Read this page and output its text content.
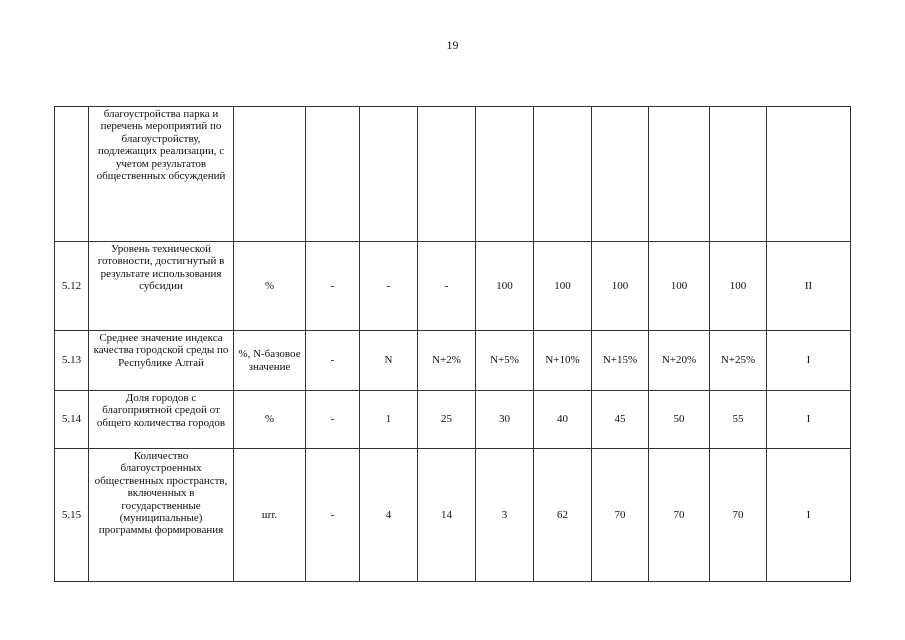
19
	благоустройства парка и перечень мероприятий по благоустройству, подлежащих реализации, с учетом результатов общественных обсуждений										
5.12	Уровень технической готовности, достигнутый в результате использования субсидии	%	-	-	-	100	100	100	100	100	II
5.13	Среднее значение индекса качества городской среды по Республике Алтай	%, N-базовое значение	-	N	N+2%	N+5%	N+10%	N+15%	N+20%	N+25%	I
5.14	Доля городов с благоприятной средой от общего количества городов	%	-	1	25	30	40	45	50	55	I
5.15	Количество благоустроенных общественных пространств, включенных в государственные (муниципальные) программы формирования	шт.	-	4	14	3	62	70	70	70	I
